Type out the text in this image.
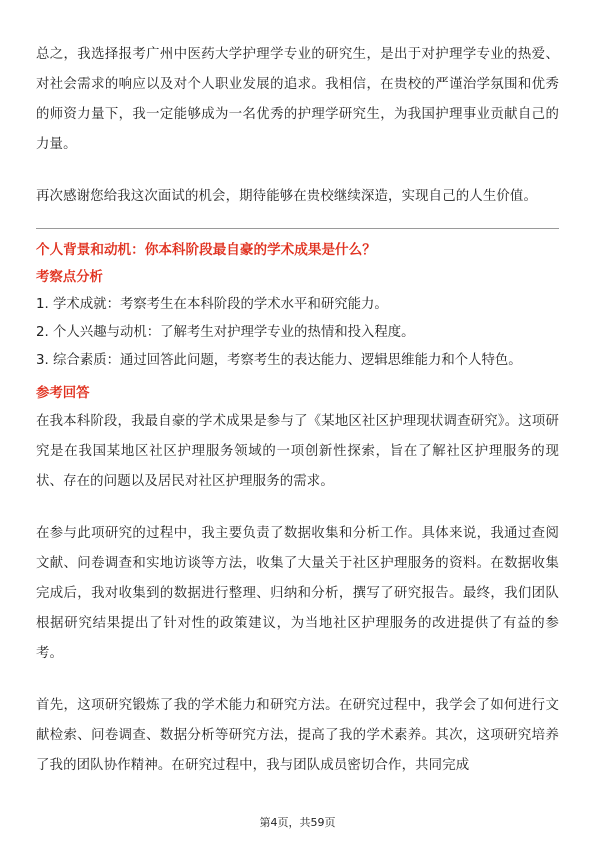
总之，我选择报考广州中医药大学护理学专业的研究生，是出于对护理学专业的热爱、对社会需求的响应以及对个人职业发展的追求。我相信，在贵校的严谨治学氛围和优秀的师资力量下，我一定能够成为一名优秀的护理学研究生，为我国护理事业贡献自己的力量。

再次感谢您给我这次面试的机会，期待能够在贵校继续深造，实现自己的人生价值。

个人背景和动机：你本科阶段最自豪的学术成果是什么？

考察点分析

1. 学术成就：考察考生在本科阶段的学术水平和研究能力。

2. 个人兴趣与动机：了解考生对护理学专业的热情和投入程度。

3. 综合素质：通过回答此问题，考察考生的表达能力、逻辑思维能力和个人特色。

参考回答

在我本科阶段，我最自豪的学术成果是参与了《某地区社区护理现状调查研究》。这项研究是在我国某地区社区护理服务领域的一项创新性探索，旨在了解社区护理服务的现状、存在的问题以及居民对社区护理服务的需求。

在参与此项研究的过程中，我主要负责了数据收集和分析工作。具体来说，我通过查阅文献、问卷调查和实地访谈等方法，收集了大量关于社区护理服务的资料。在数据收集完成后，我对收集到的数据进行整理、归纳和分析，撰写了研究报告。最终，我们团队根据研究结果提出了针对性的政策建议，为当地社区护理服务的改进提供了有益的参考。

首先，这项研究锻炼了我的学术能力和研究方法。在研究过程中，我学会了如何进行文献检索、问卷调查、数据分析等研究方法，提高了我的学术素养。其次，这项研究培养了我的团队协作精神。在研究过程中，我与团队成员密切合作，共同完成

第4页，共59页
